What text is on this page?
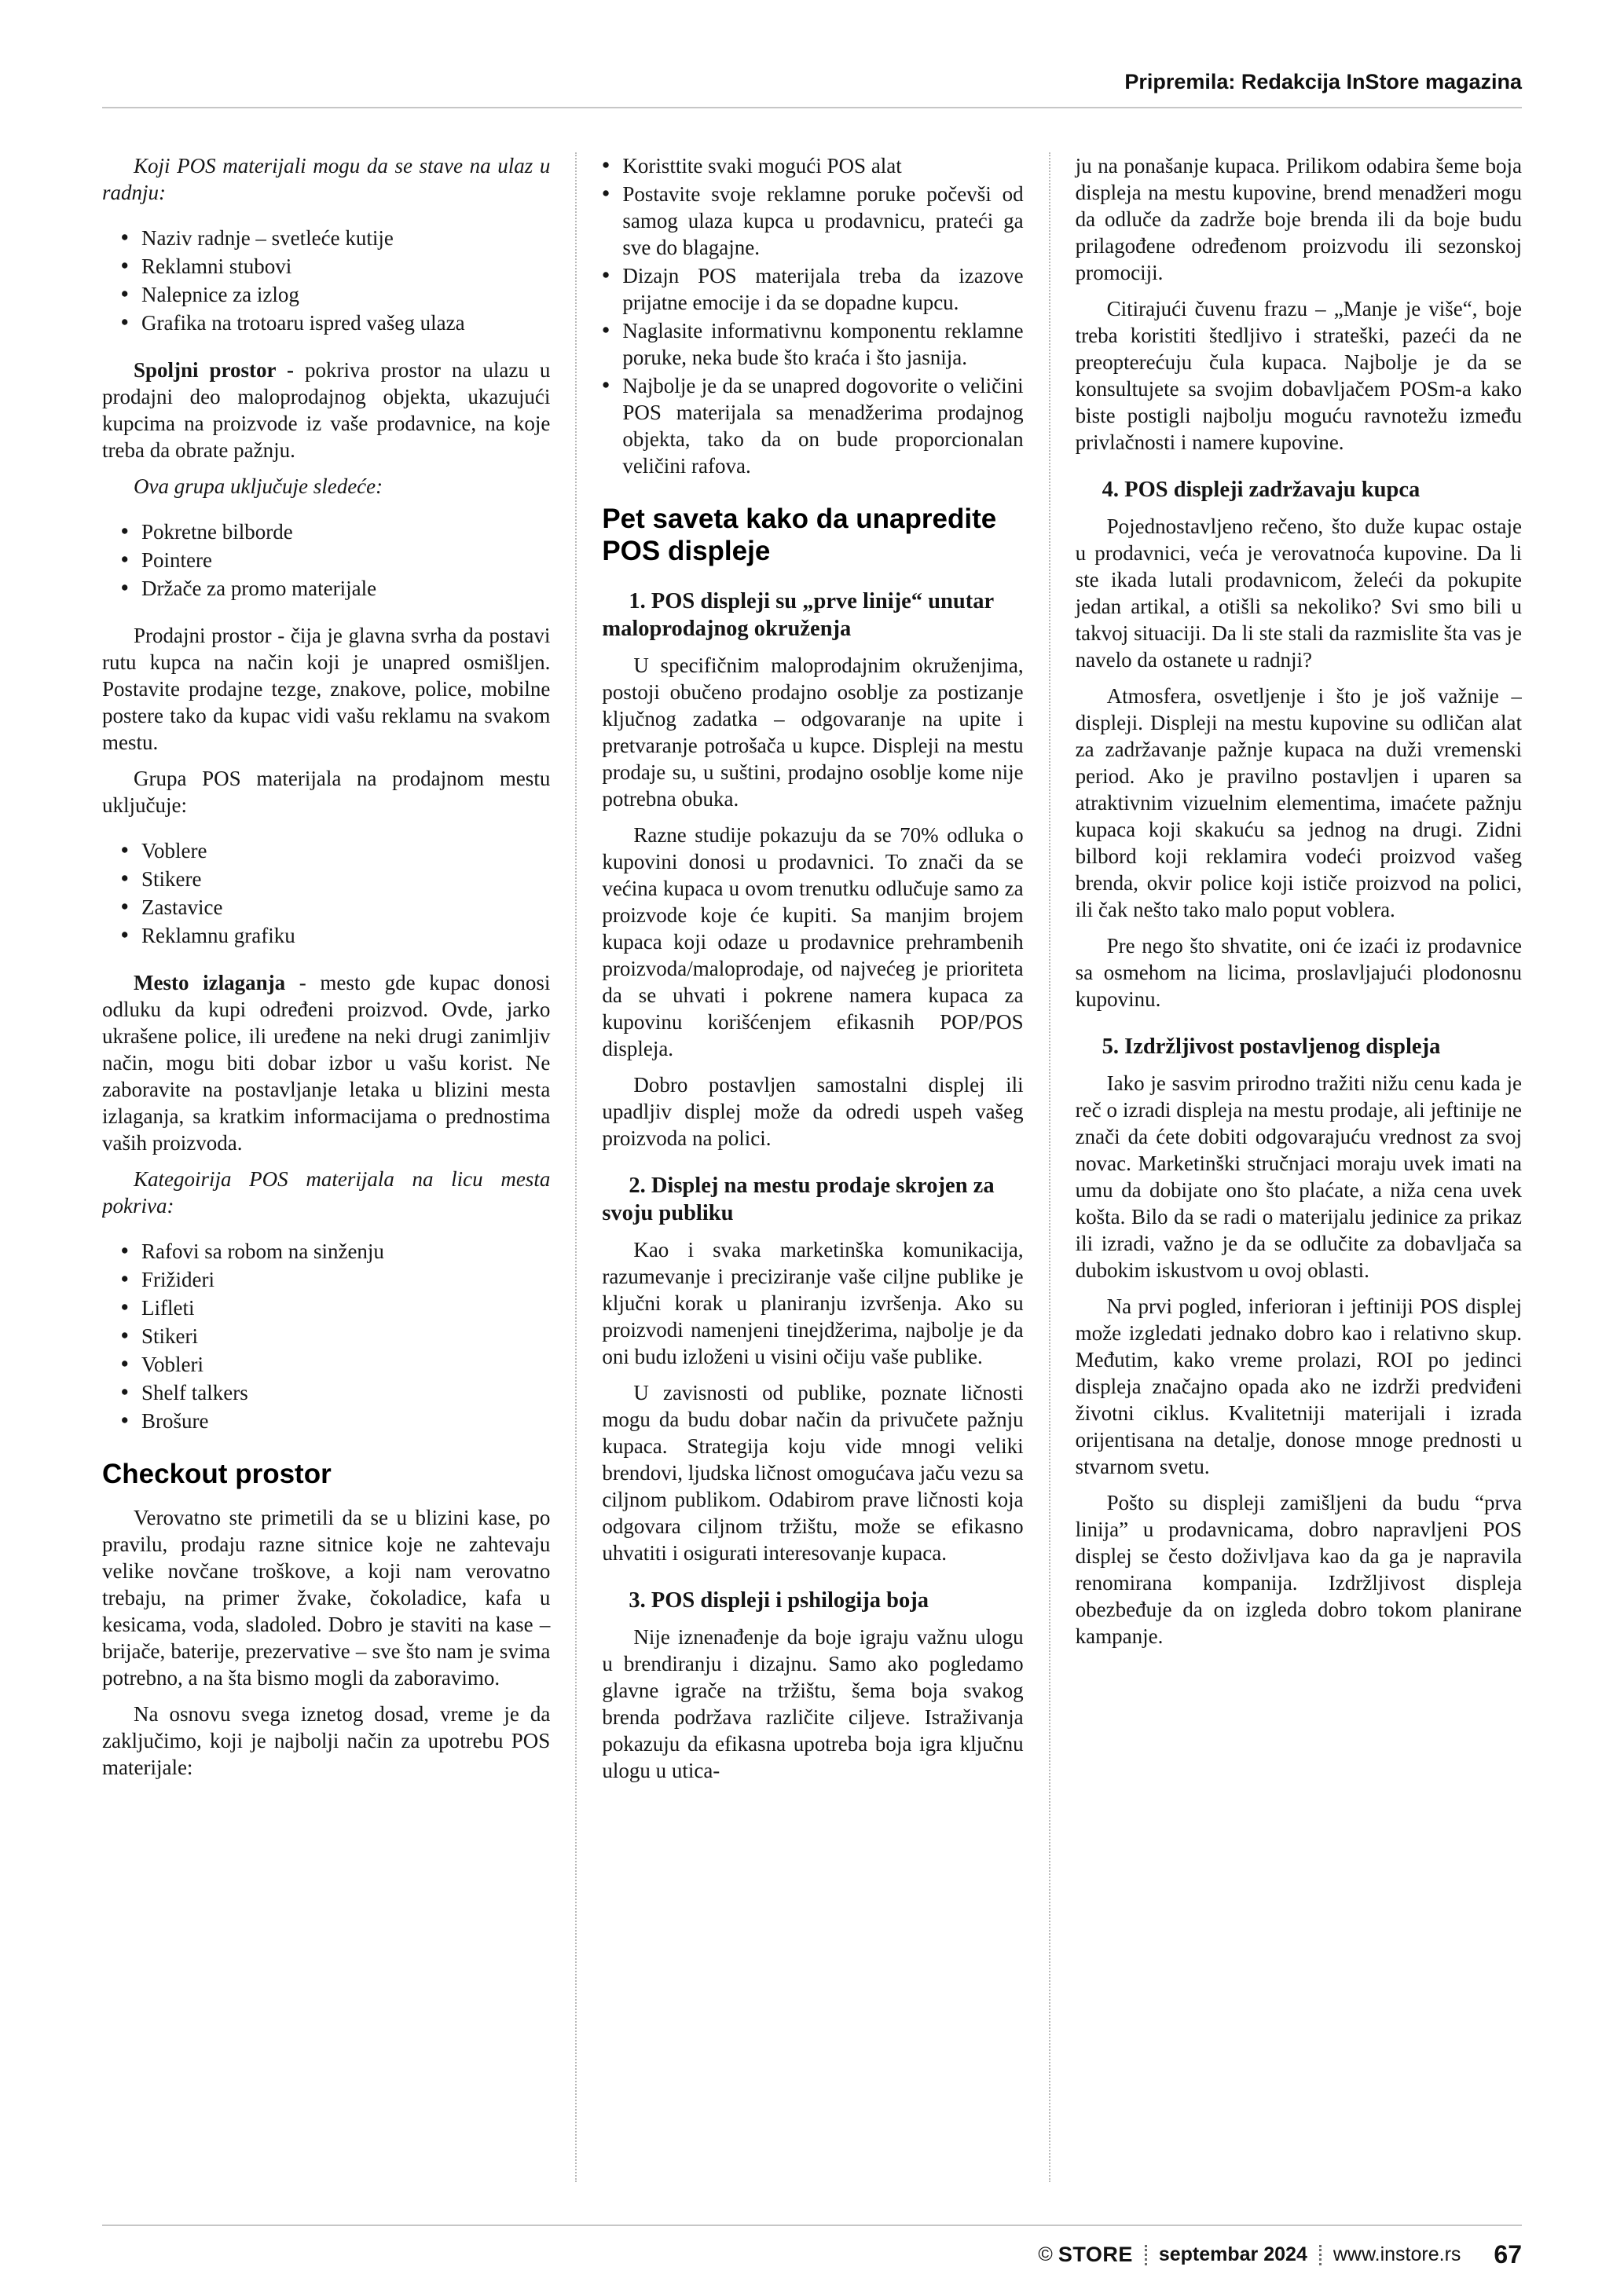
Pripremila: Redakcija InStore magazina

Koji POS materijali mogu da se stave na ulaz u radnju:

• Naziv radnje – svetleće kutije
• Reklamni stubovi
• Nalepnice za izlog
• Grafika na trotoaru ispred vašeg ulaza

Spoljni prostor - pokriva prostor na ulazu u prodajni deo maloprodajnog objekta, ukazujući kupcima na proizvode iz vaše prodavnice, na koje treba da obrate pažnju.

Ova grupa uključuje sledeće:

• Pokretne bilborde
• Pointere
• Držače za promo materijale

Prodajni prostor - čija je glavna svrha da postavi rutu kupca na način koji je unapred osmišljen. Postavite prodajne tezge, znakove, police, mobilne postere tako da kupac vidi vašu reklamu na svakom mestu.

Grupa POS materijala na prodajnom mestu uključuje:

• Voblere
• Stikere
• Zastavice
• Reklamnu grafiku

Mesto izlaganja - mesto gde kupac donosi odluku da kupi određeni proizvod. Ovde, jarko ukrašene police, ili uređene na neki drugi zanimljiv način, mogu biti dobar izbor u vašu korist. Ne zaboravite na postavljanje letaka u blizini mesta izlaganja, sa kratkim informacijama o prednostima vaših proizvoda.

Kategoirija POS materijala na licu mesta pokriva:

• Rafovi sa robom na sinženju
• Frižideri
• Lifleti
• Stikeri
• Vobleri
• Shelf talkers
• Brošure
Checkout prostor

Verovatno ste primetili da se u blizini kase, po pravilu, prodaju razne sitnice koje ne zahtevaju velike novčane troškove, a koji nam verovatno trebaju, na primer žvake, čokoladice, kafa u kesicama, voda, sladoled. Dobro je staviti na kase – brijače, baterije, prezervative – sve što nam je svima potrebno, a na šta bismo mogli da zaboravimo.

Na osnovu svega iznetog dosad, vreme je da zaključimo, koji je najbolji način za upotrebu POS materijale:

• Koristtite svaki mogući POS alat
• Postavite svoje reklamne poruke počevši od samog ulaza kupca u prodavnicu, prateći ga sve do blagajne.
• Dizajn POS materijala treba da izazove prijatne emocije i da se dopadne kupcu.
• Naglasite informativnu komponentu reklamne poruke, neka bude što kraća i što jasnija.
• Najbolje je da se unapred dogovorite o veličini POS materijala sa menadžerima prodajnog objekta, tako da on bude proporcionalan veličini rafova.
Pet saveta kako da unapredite POS displeje
1. POS displeji su „prve linije“ unutar maloprodajnog okruženja

U specifičnim maloprodajnim okruženjima, postoji obučeno prodajno osoblje za postizanje ključnog zadatka – odgovaranje na upite i pretvaranje potrošača u kupce. Displeji na mestu prodaje su, u suštini, prodajno osoblje kome nije potrebna obuka.

Razne studije pokazuju da se 70% odluka o kupovini donosi u prodavnici. To znači da se većina kupaca u ovom trenutku odlučuje samo za proizvode koje će kupiti. Sa manjim brojem kupaca koji odaze u prodavnice prehrambenih proizvoda/maloprodaje, od najvećeg je prioriteta da se uhvati i pokrene namera kupaca za kupovinu korišćenjem efikasnih POP/POS displeja.

Dobro postavljen samostalni displej ili upadljiv displej može da odredi uspeh vašeg proizvoda na polici.

2. Displej na mestu prodaje skrojen za svoju publiku

Kao i svaka marketinška komunikacija, razumevanje i preciziranje vaše ciljne publike je ključni korak u planiranju izvršenja. Ako su proizvodi namenjeni tinejdžerima, najbolje je da oni budu izloženi u visini očiju vaše publike.

U zavisnosti od publike, poznate ličnosti mogu da budu dobar način da privučete pažnju kupaca. Strategija koju vide mnogi veliki brendovi, ljudska ličnost omogućava jaču vezu sa ciljnom publikom. Odabirom prave ličnosti koja odgovara ciljnom tržištu, može se efikasno uhvatiti i osigurati interesovanje kupaca.

3. POS displeji i pshilogija boja

Nije iznenađenje da boje igraju važnu ulogu u brendiranju i dizajnu. Samo ako pogledamo glavne igrače na tržištu, šema boja svakog brenda podržava različite ciljeve. Istraživanja pokazuju da efikasna upotreba boja igra ključnu ulogu u utica-

ju na ponašanje kupaca. Prilikom odabira šeme boja displeja na mestu kupovine, brend menadžeri mogu da odluče da zadrže boje brenda ili da boje budu prilagođene određenom proizvodu ili sezonskoj promociji.

Citirajući čuvenu frazu – „Manje je više“, boje treba koristiti štedljivo i strateški, pazeći da ne preopterećuju čula kupaca. Najbolje je da se konsultujete sa svojim dobavljačem POSm-a kako biste postigli najbolju moguću ravnotežu između privlačnosti i namere kupovine.

4. POS displeji zadržavaju kupca

Pojednostavljeno rečeno, što duže kupac ostaje u prodavnici, veća je verovatnoća kupovine. Da li ste ikada lutali prodavnicom, želeći da pokupite jedan artikal, a otišli sa nekoliko? Svi smo bili u takvoj situaciji. Da li ste stali da razmislite šta vas je navelo da ostanete u radnji?

Atmosfera, osvetljenje i što je još važnije – displeji. Displeji na mestu kupovine su odličan alat za zadržavanje pažnje kupaca na duži vremenski period. Ako je pravilno postavljen i uparen sa atraktivnim vizuelnim elementima, imaćete pažnju kupaca koji skakuću sa jednog na drugi. Zidni bilbord koji reklamira vodeći proizvod vašeg brenda, okvir police koji ističe proizvod na polici, ili čak nešto tako malo poput voblera.

Pre nego što shvatite, oni će izaći iz prodavnice sa osmehom na licima, proslavljajući plodonosnu kupovinu.

5. Izdržljivost postavljenog displeja

Iako je sasvim prirodno tražiti nižu cenu kada je reč o izradi displeja na mestu prodaje, ali jeftinije ne znači da ćete dobiti odgovarajuću vrednost za svoj novac. Marketinški stručnjaci moraju uvek imati na umu da dobijate ono što plaćate, a niža cena uvek košta. Bilo da se radi o materijalu jedinice za prikaz ili izradi, važno je da se odlučite za dobavljača sa dubokim iskustvom u ovoj oblasti.

Na prvi pogled, inferioran i jeftiniji POS displej može izgledati jednako dobro kao i relativno skup. Međutim, kako vreme prolazi, ROI po jedinci displeja značajno opada ako ne izdrži predviđeni životni ciklus. Kvalitetniji materijali i izrada orijentisana na detalje, donose mnoge prednosti u stvarnom svetu.

Pošto su displeji zamišljeni da budu “prva linija” u prodavnicama, dobro napravljeni POS displej se često doživljava kao da ga je napravila renomirana kompanija. Izdržljivost displeja obezbeđuje da on izgleda dobro tokom planirane kampanje.

© STORE septembar 2024 www.instore.rs 67
